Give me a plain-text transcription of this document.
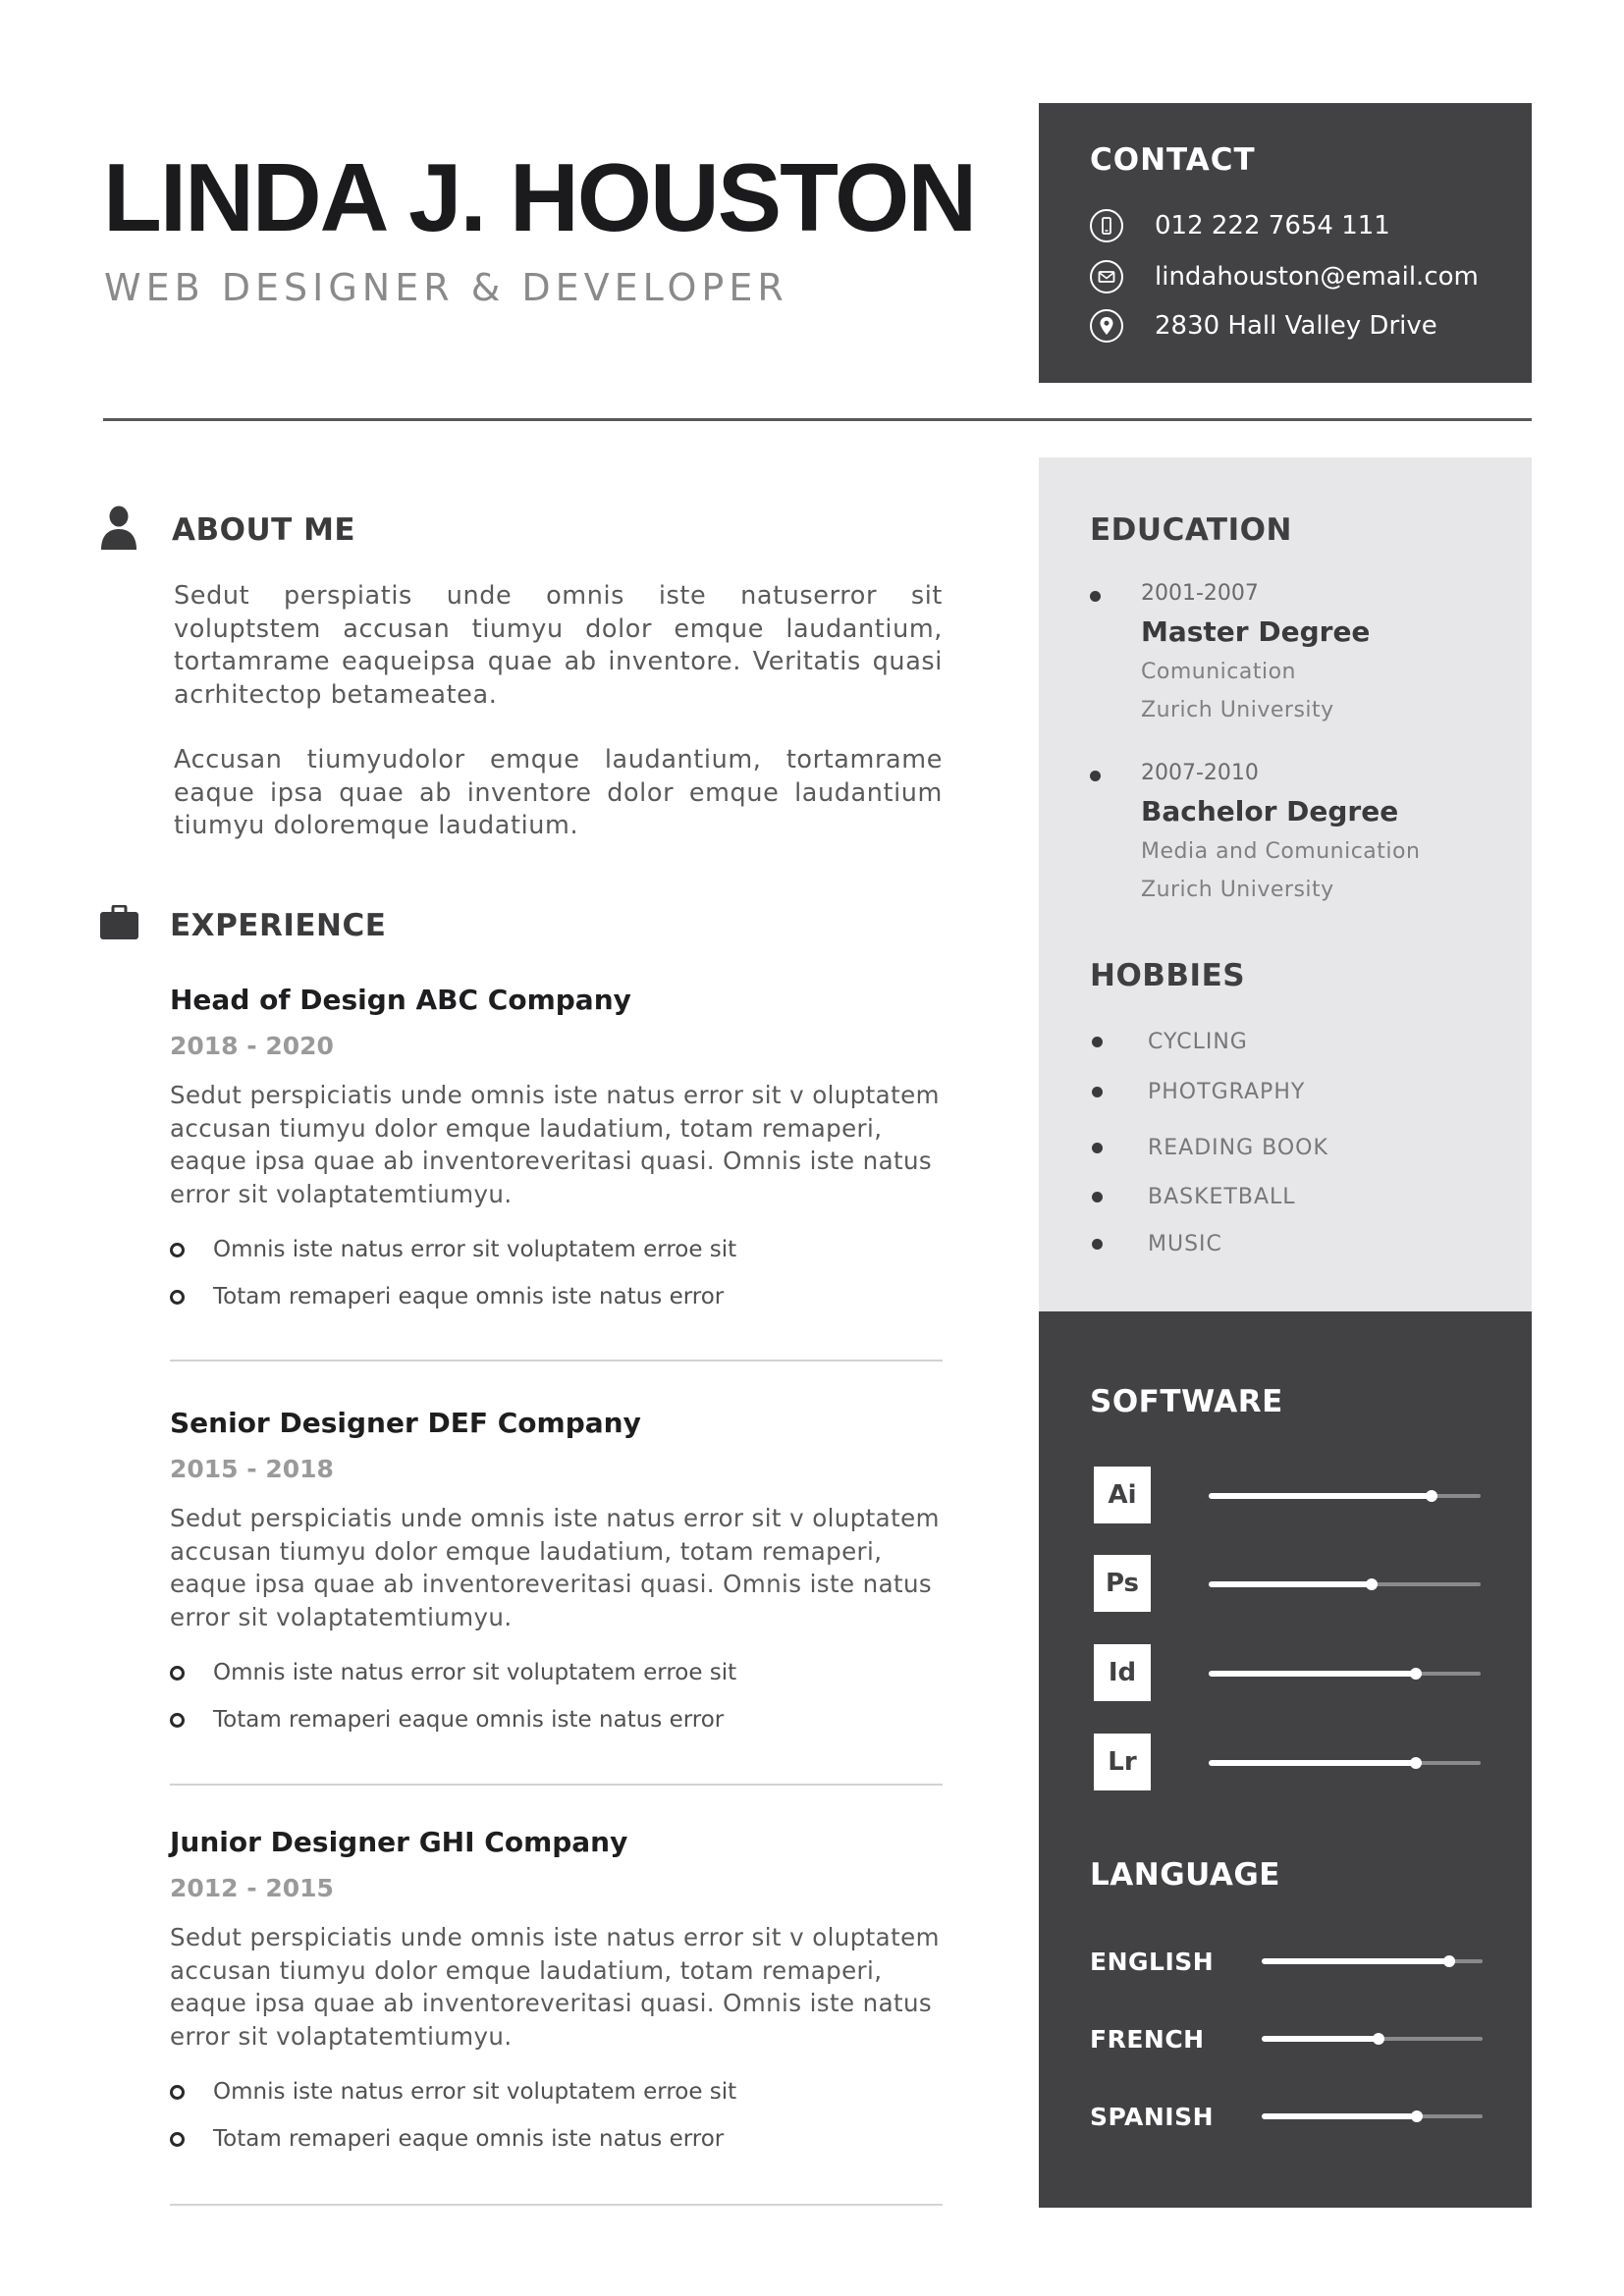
LINDA J. HOUSTON
WEB DESIGNER & DEVELOPER
CONTACT
012 222 7654 111
lindahouston@email.com
2830 Hall Valley Drive
ABOUT ME

Sedut perspiatis unde omnis iste natuserror sit voluptstem accusan tiumyu dolor emque laudantium, tortamrame eaqueipsa quae ab inventore. Veritatis quasi acrhitectop betameatea.

Accusan tiumyudolor emque laudantium, tortamrame eaque ipsa quae ab inventore dolor emque laudantium tiumyu doloremque laudatium.

EXPERIENCE
Head of Design ABC Company
2018 - 2020
Sedut perspiciatis unde omnis iste natus error sit v oluptatem accusan tiumyu dolor emque laudatium, totam remaperi, eaque ipsa quae ab inventoreveritasi quasi. Omnis iste natus error sit volaptatemtiumyu.
Omnis iste natus error sit voluptatem erroe sit
Totam remaperi eaque omnis iste natus error
Senior Designer DEF Company
2015 - 2018
Sedut perspiciatis unde omnis iste natus error sit v oluptatem accusan tiumyu dolor emque laudatium, totam remaperi, eaque ipsa quae ab inventoreveritasi quasi. Omnis iste natus error sit volaptatemtiumyu.
Omnis iste natus error sit voluptatem erroe sit
Totam remaperi eaque omnis iste natus error
Junior Designer GHI Company
2012 - 2015
Sedut perspiciatis unde omnis iste natus error sit v oluptatem accusan tiumyu dolor emque laudatium, totam remaperi, eaque ipsa quae ab inventoreveritasi quasi. Omnis iste natus error sit volaptatemtiumyu.
Omnis iste natus error sit voluptatem erroe sit
Totam remaperi eaque omnis iste natus error
EDUCATION
2001-2007
Master Degree
Comunication
Zurich University
2007-2010
Bachelor Degree
Media and Comunication
Zurich University
HOBBIES
CYCLING
PHOTGRAPHY
READING BOOK
BASKETBALL
MUSIC
SOFTWARE
Ai
Ps
Id
Lr
LANGUAGE
ENGLISH
FRENCH
SPANISH
